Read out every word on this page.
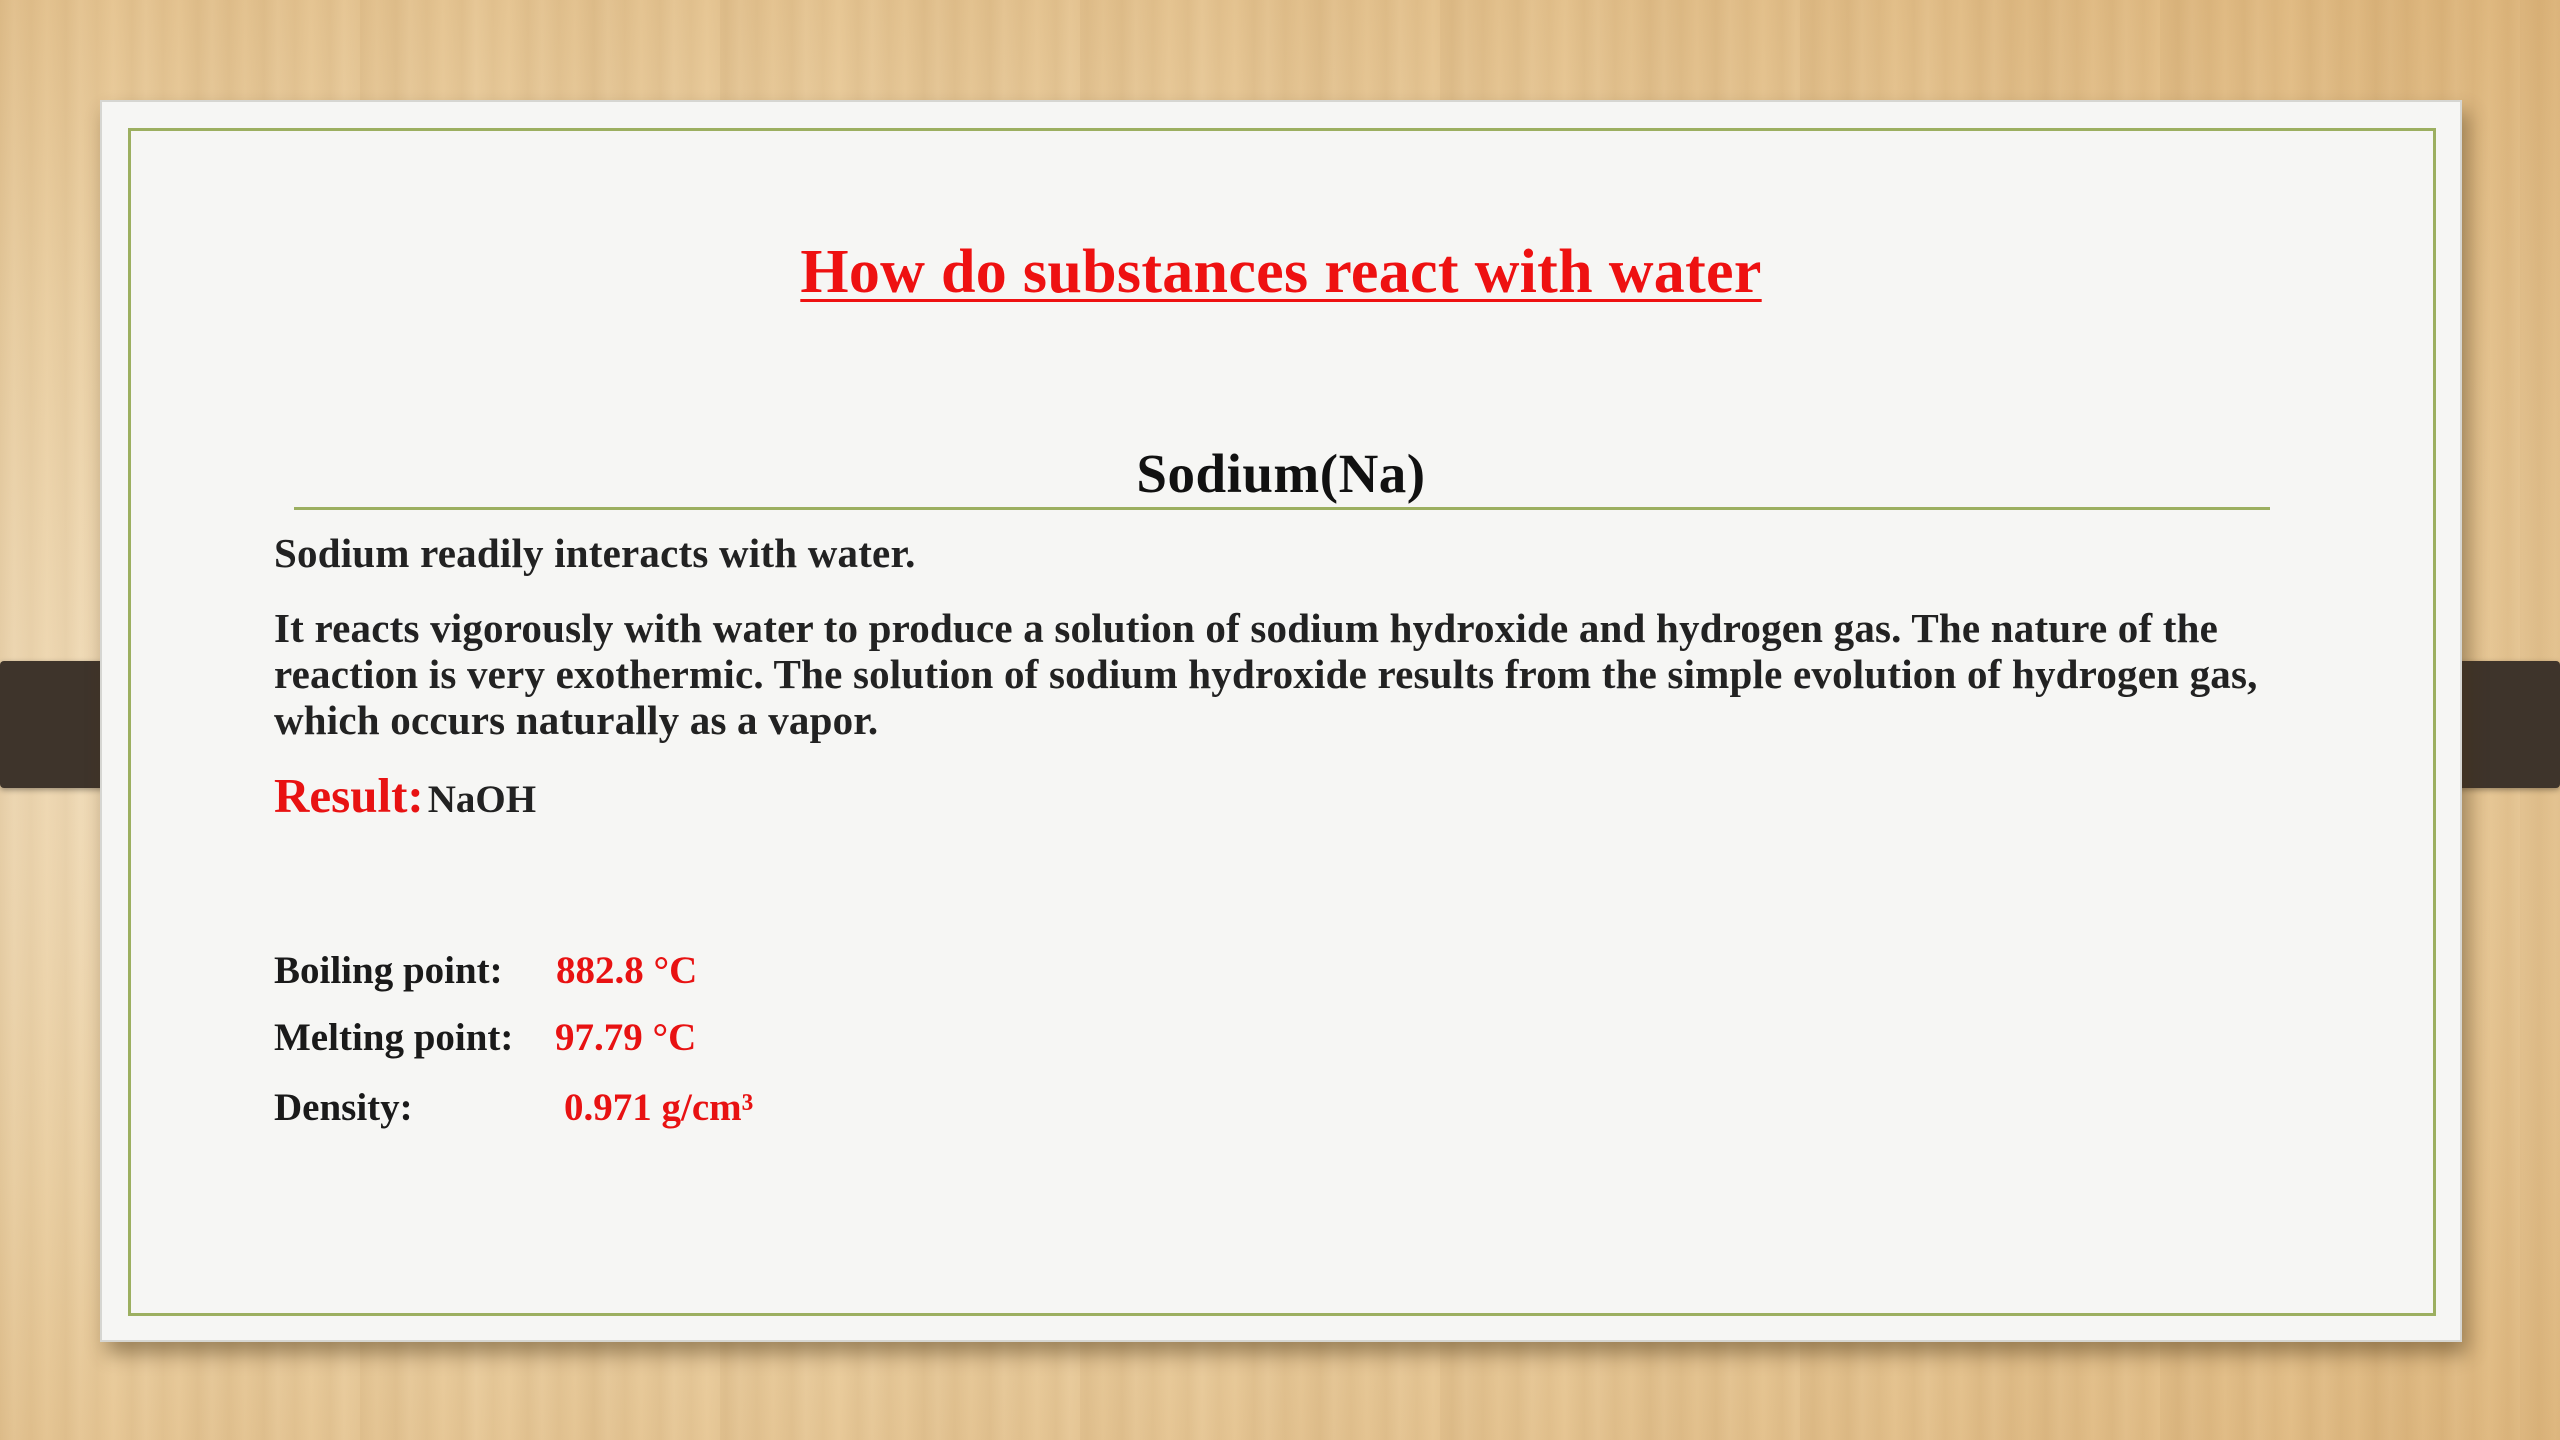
How do substances react with water
Sodium(Na)

Sodium readily interacts with water.

It reacts vigorously with water to produce a solution of sodium hydroxide and hydrogen gas. The nature of the reaction is very exothermic. The solution of sodium hydroxide results from the simple evolution of hydrogen gas, which occurs naturally as a vapor.

Result: NaOH
Boiling point: 882.8 °C
Melting point: 97.79 °C
Density:	0.971 g/cm³
